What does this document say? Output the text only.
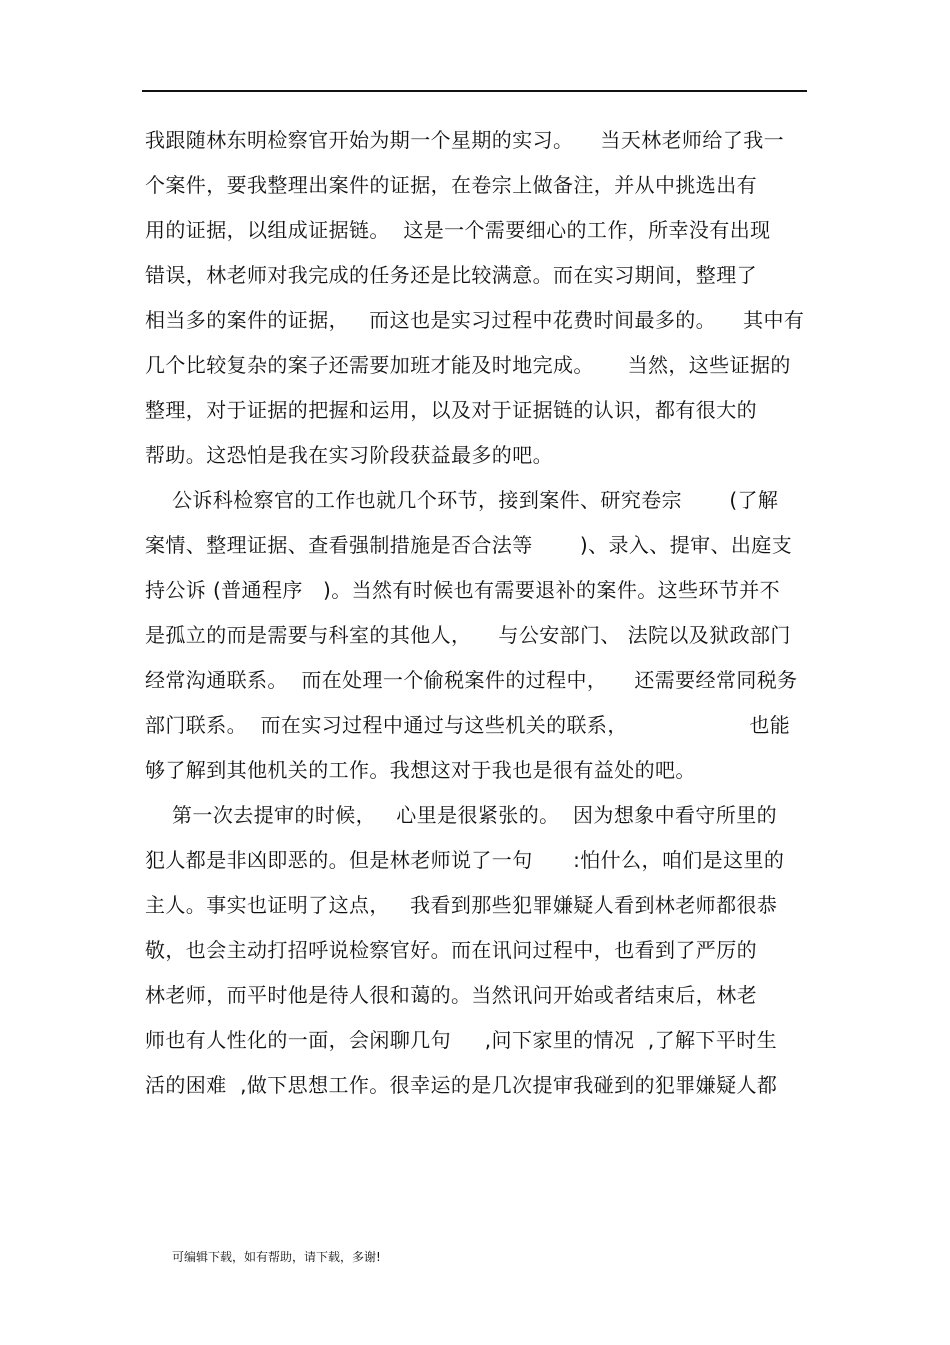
我跟随林东明检察官开始为期一个星期的实习。    当天林老师给了我一
个案件，要我整理出案件的证据，在卷宗上做备注，并从中挑选出有
用的证据，以组成证据链。  这是一个需要细心的工作，所幸没有出现
错误，林老师对我完成的任务还是比较满意。而在实习期间，整理了
相当多的案件的证据，   而这也是实习过程中花费时间最多的。    其中有
几个比较复杂的案子还需要加班才能及时地完成。     当然，这些证据的
整理，对于证据的把握和运用，以及对于证据链的认识，都有很大的
帮助。这恐怕是我在实习阶段获益最多的吧。
公诉科检察官的工作也就几个环节，接到案件、研究卷宗       (了解
案情、整理证据、查看强制措施是否合法等       )、录入、提审、出庭支
持公诉 (普通程序   )。当然有时候也有需要退补的案件。这些环节并不
是孤立的而是需要与科室的其他人，    与公安部门、 法院以及狱政部门
经常沟通联系。  而在处理一个偷税案件的过程中，    还需要经常同税务
部门联系。  而在实习过程中通过与这些机关的联系，                  也能
够了解到其他机关的工作。我想这对于我也是很有益处的吧。
第一次去提审的时候，   心里是很紧张的。  因为想象中看守所里的
犯人都是非凶即恶的。但是林老师说了一句      :怕什么，咱们是这里的
主人。事实也证明了这点，   我看到那些犯罪嫌疑人看到林老师都很恭
敬，也会主动打招呼说检察官好。而在讯问过程中，也看到了严厉的
林老师，而平时他是待人很和蔼的。当然讯问开始或者结束后，林老
师也有人性化的一面，会闲聊几句     ,问下家里的情况  ,了解下平时生
活的困难  ,做下思想工作。很幸运的是几次提审我碰到的犯罪嫌疑人都
可编辑下载，如有帮助，请下载，多谢!
